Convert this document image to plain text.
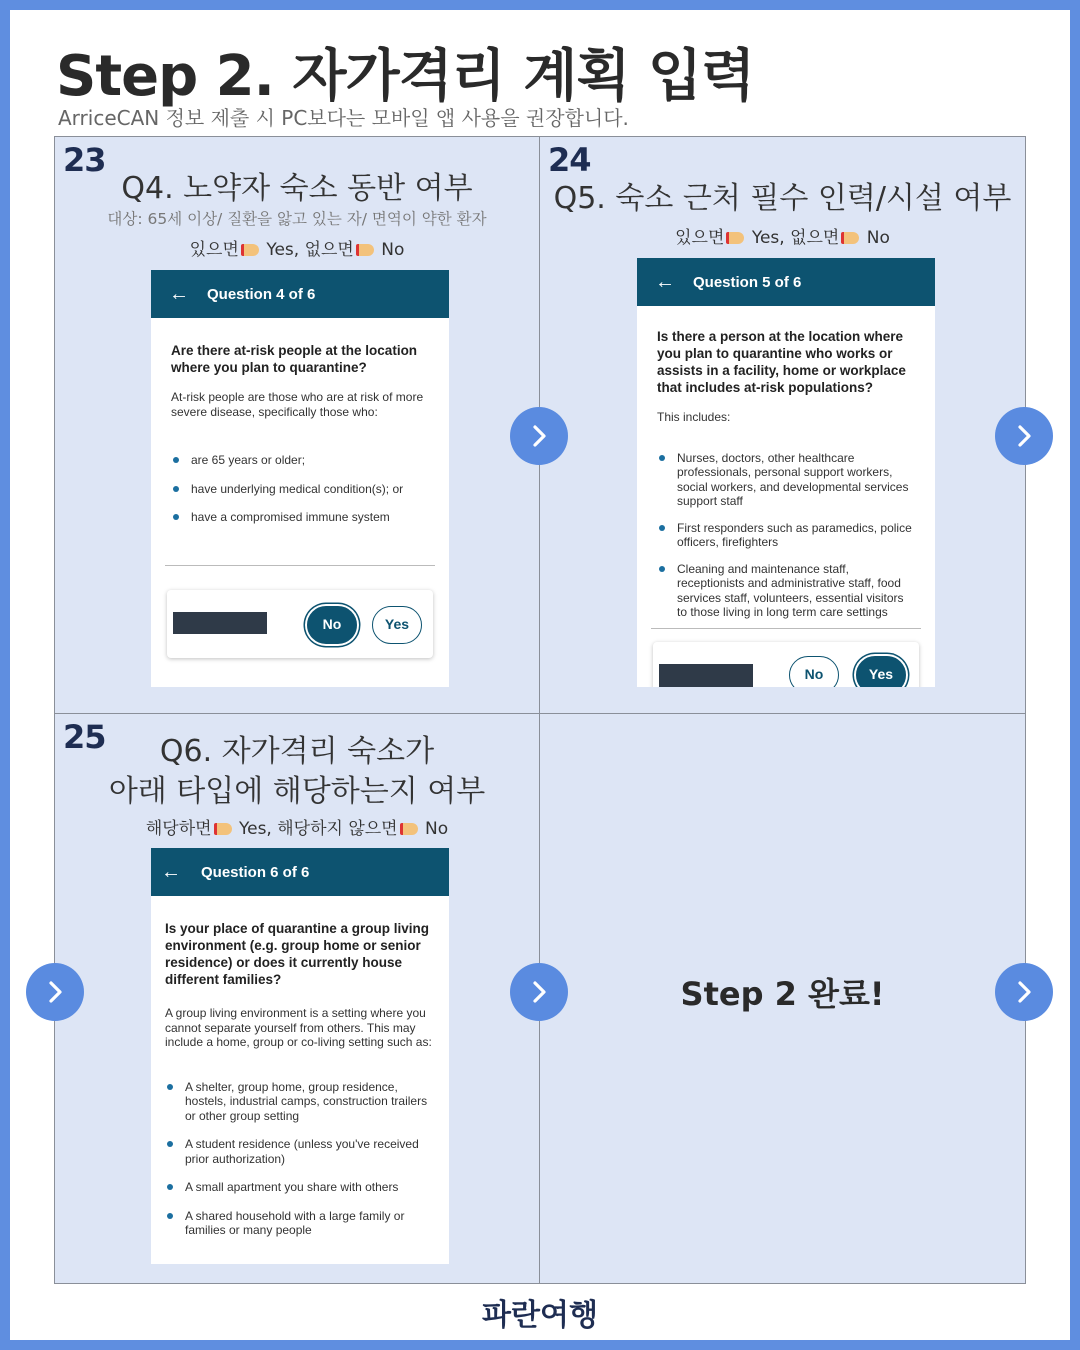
Step 2. 자가격리 계획 입력
ArriceCAN 정보 제출 시 PC보다는 모바일 앱 사용을 권장합니다.
23
Q4. 노약자 숙소 동반 여부
대상: 65세 이상/ 질환을 앓고 있는 자/ 면역이 약한 환자
있으면 Yes, 없으면 No
←	Question 4 of 6
Are there at-risk people at the location where you plan to quarantine?
At-risk people are those who are at risk of more severe disease, specifically those who:
are 65 years or older;
have underlying medical condition(s); or
have a compromised immune system
No	Yes
24
Q5. 숙소 근처 필수 인력/시설 여부
있으면 Yes, 없으면 No
←	Question 5 of 6
Is there a person at the location where you plan to quarantine who works or assists in a facility, home or workplace that includes at-risk populations?
This includes:
Nurses, doctors, other healthcare professionals, personal support workers, social workers, and developmental services support staff
First responders such as paramedics, police officers, firefighters
Cleaning and maintenance staff, receptionists and administrative staff, food services staff, volunteers, essential visitors to those living in long term care settings
No	Yes
25	Q6. 자가격리 숙소가
아래 타입에 해당하는지 여부
해당하면 Yes, 해당하지 않으면 No
← Question 6 of 6
Is your place of quarantine a group living environment (e.g. group home or senior residence) or does it currently house different families?
A group living environment is a setting where you cannot separate yourself from others. This may include a home, group or co-living setting such as:
A shelter, group home, group residence, hostels, industrial camps, construction trailers or other group setting
A student residence (unless you've received prior authorization)
A small apartment you share with others
A shared household with a large family or families or many people
Step 2 완료!
파란여행
